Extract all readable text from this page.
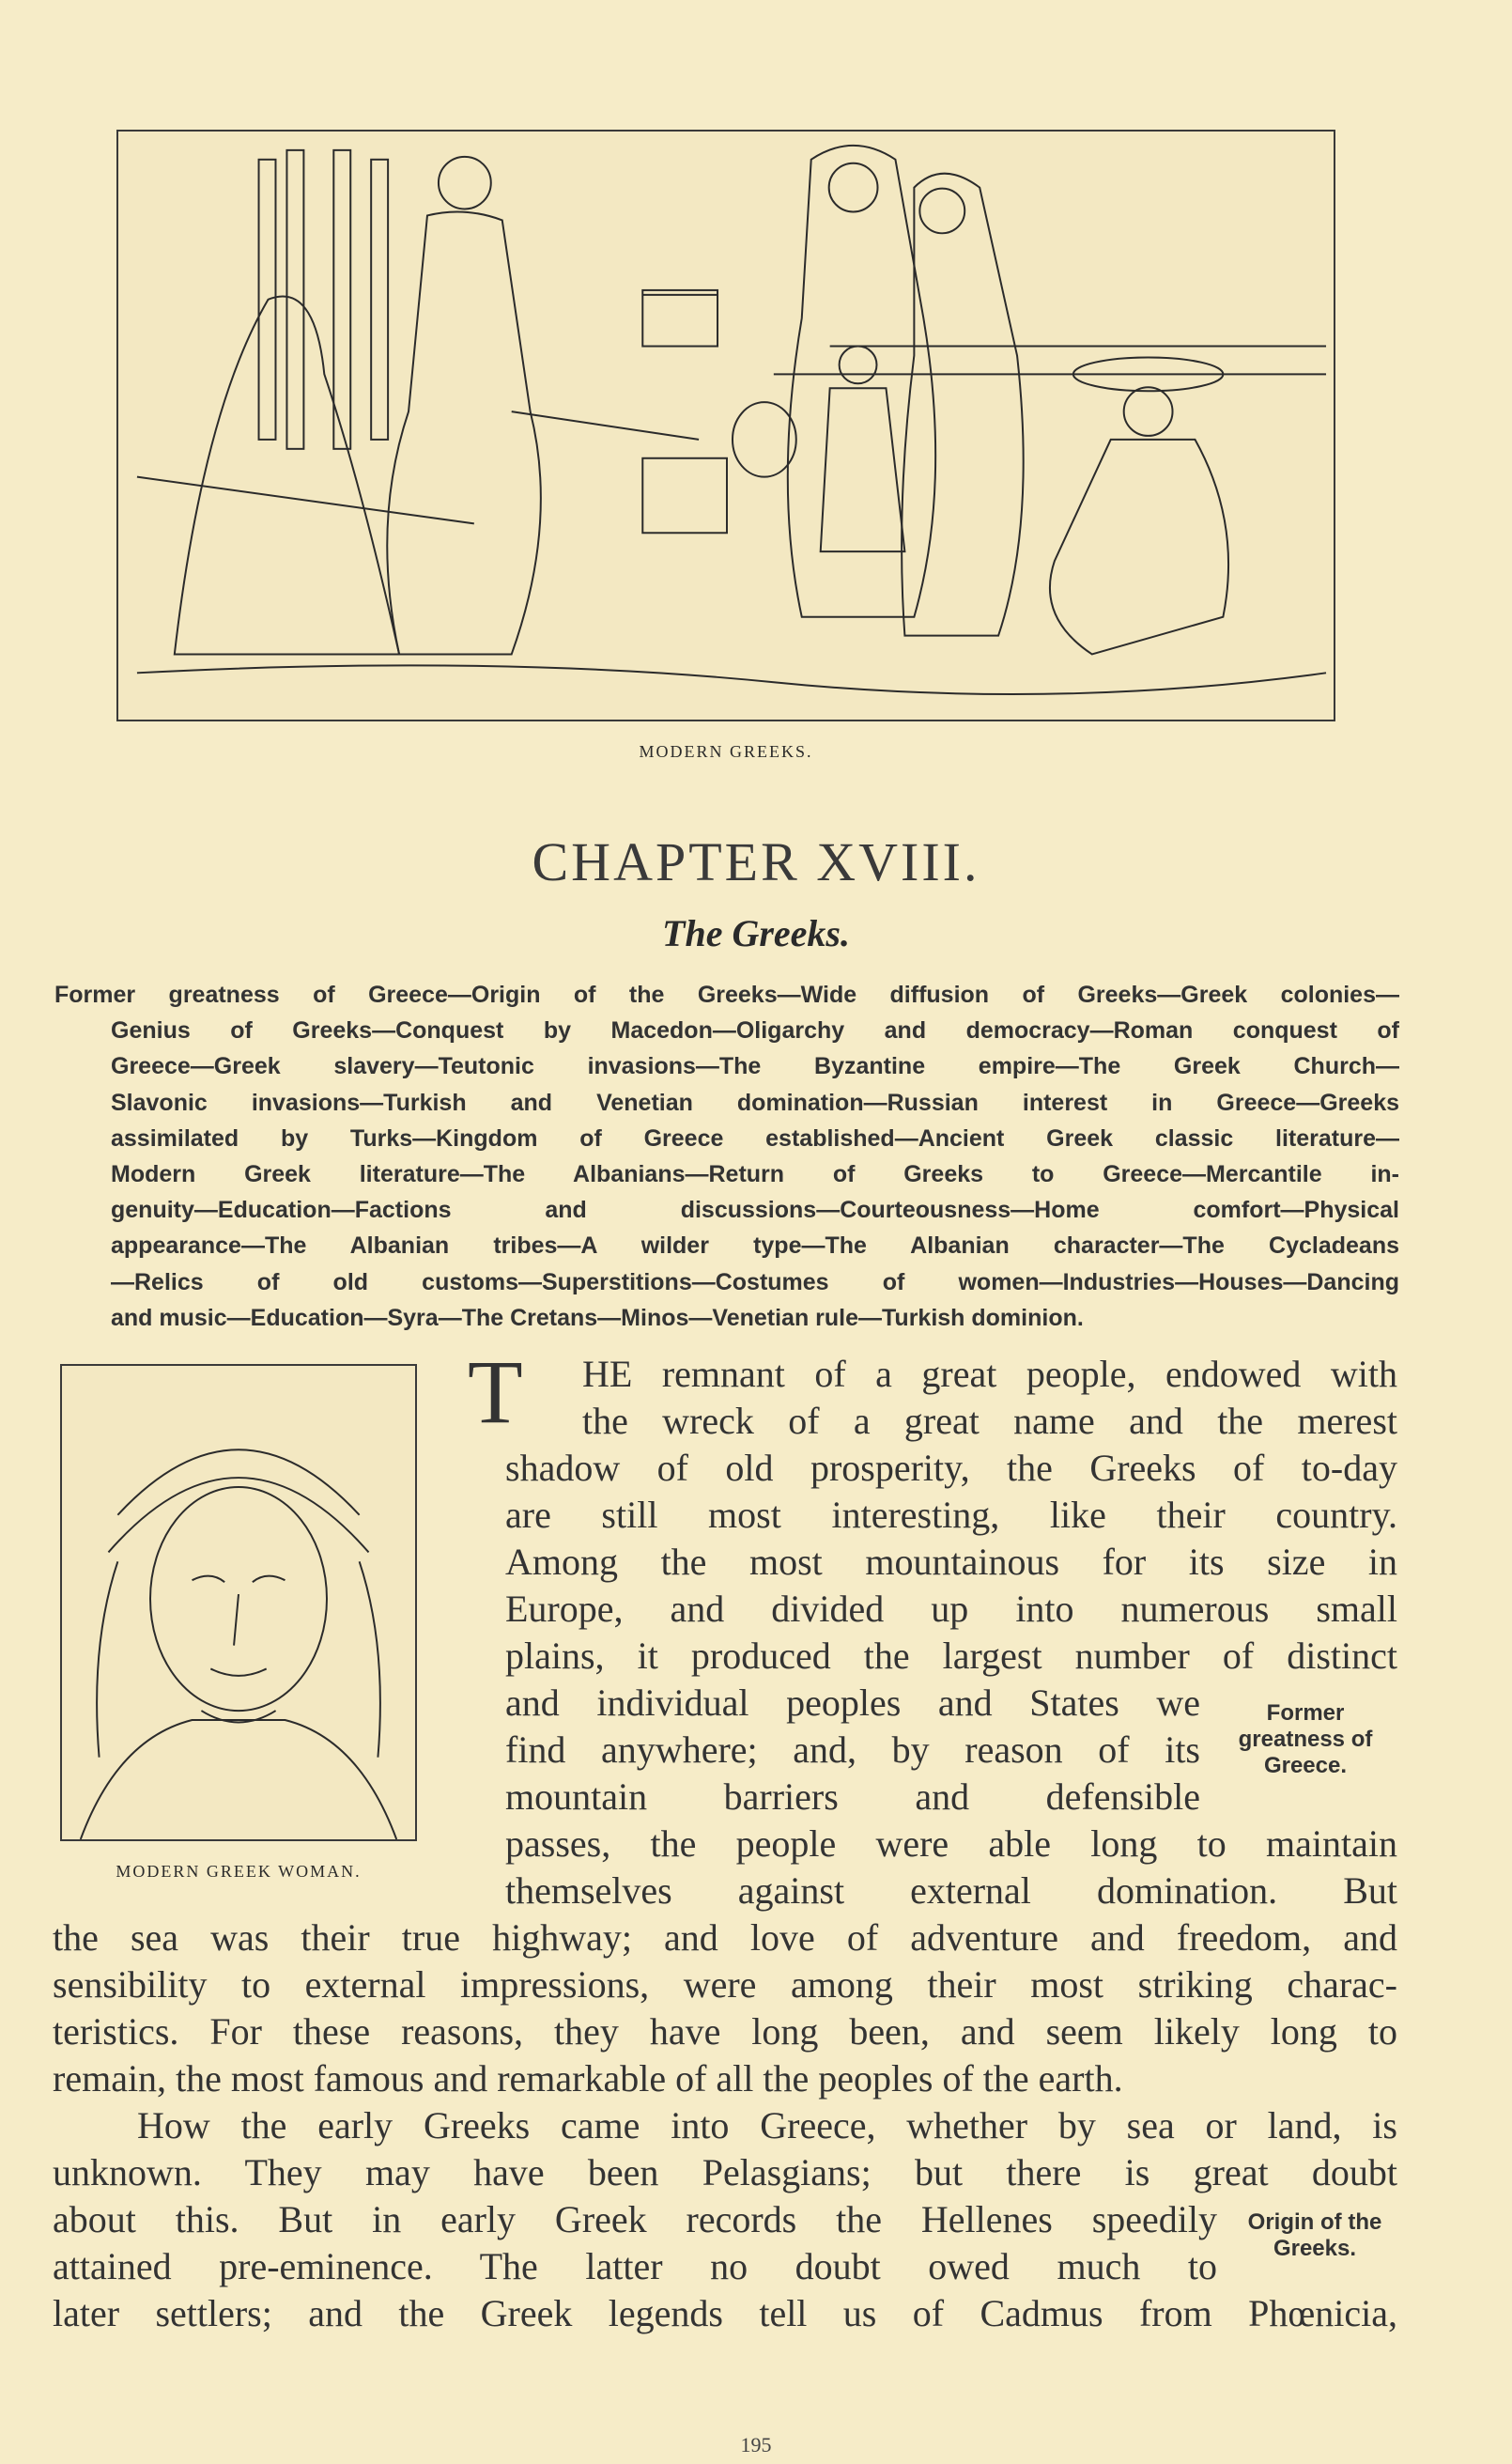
MODERN GREEKS.
CHAPTER XVIII.
The Greeks.
Former greatness of Greece—Origin of the Greeks—Wide diffusion of Greeks—Greek colonies—
Genius of Greeks—Conquest by Macedon—Oligarchy and democracy—Roman conquest of
Greece—Greek slavery—Teutonic invasions—The Byzantine empire—The Greek Church—
Slavonic invasions—Turkish and Venetian domination—Russian interest in Greece—Greeks
assimilated by Turks—Kingdom of Greece established—Ancient Greek classic literature—
Modern Greek literature—The Albanians—Return of Greeks to Greece—Mercantile in-
genuity—Education—Factions and discussions—Courteousness—Home comfort—Physical
appearance—The Albanian tribes—A wilder type—The Albanian character—The Cycladeans
—Relics of old customs—Superstitions—Costumes of women—Industries—Houses—Dancing
and music—Education—Syra—The Cretans—Minos—Venetian rule—Turkish dominion.
MODERN GREEK WOMAN.
T	HE remnant of a great people, endowed with
the wreck of a great name and the merest
shadow of old prosperity, the Greeks of to-day
are still most interesting, like their country.
Among the most mountainous for its size in
Europe, and divided up into numerous small
plains, it produced the largest number of distinct
and individual peoples and States we
find anywhere; and, by reason of its
mountain barriers and defensible
passes, the people were able long to maintain
themselves against external domination. But
the sea was their true highway; and love of adventure and freedom, and
sensibility to external impressions, were among their most striking charac-
teristics. For these reasons, they have long been, and seem likely long to
remain, the most famous and remarkable of all the peoples of the earth.
How the early Greeks came into Greece, whether by sea or land, is
unknown. They may have been Pelasgians; but there is great doubt
about this. But in early Greek records the Hellenes speedily
attained pre-eminence. The latter no doubt owed much to
later settlers; and the Greek legends tell us of Cadmus from Phœnicia,
Former greatness of Greece.
Origin of the Greeks.
195
